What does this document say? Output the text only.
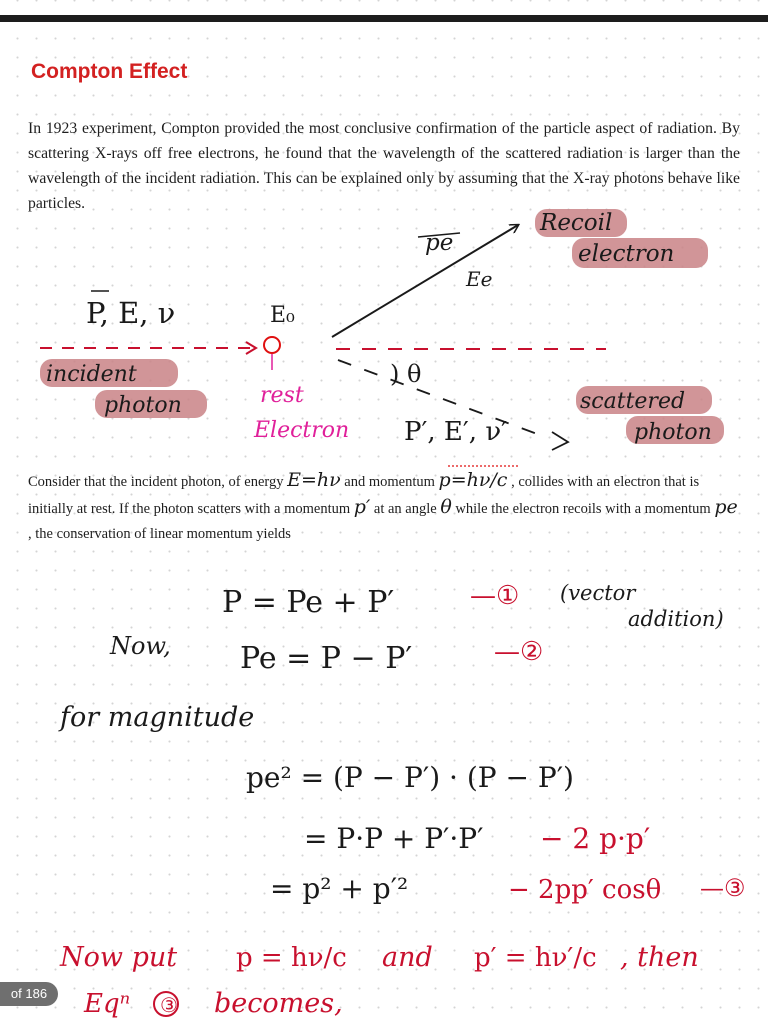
Compton Effect
In 1923 experiment, Compton provided the most conclusive confirmation of the particle aspect of radiation. By scattering X-rays off free electrons, he found that the wavelength of the scattered radiation is larger than the wavelength of the incident radiation. This can be explained only by assuming that the X-ray photons behave like particles.
Recoil
electron
pe
Ee
P, E, ν	E₀
incident
photon
) θ
rest
Electron P′, E′, ν′
scattered
photon
P = Pe + P′	—① (vector
addition)
Now, Pe = P − P′	—②
for magnitude
pe² = (P − P′) · (P − P′)
= P·P + P′·P′ − 2 p·p′
= p² + p′²	− 2pp′ cosθ —③
Now put p = hν/c and p′ = hν′/c , then
Eqⁿ ③ becomes,
Consider that the incident photon, of energy E=hν and momentum p=hν/c , collides with an electron that is initially at rest. If the photon scatters with a momentum p′ at an angle θ while the electron recoils with a momentum pe , the conservation of linear momentum yields
of 186
